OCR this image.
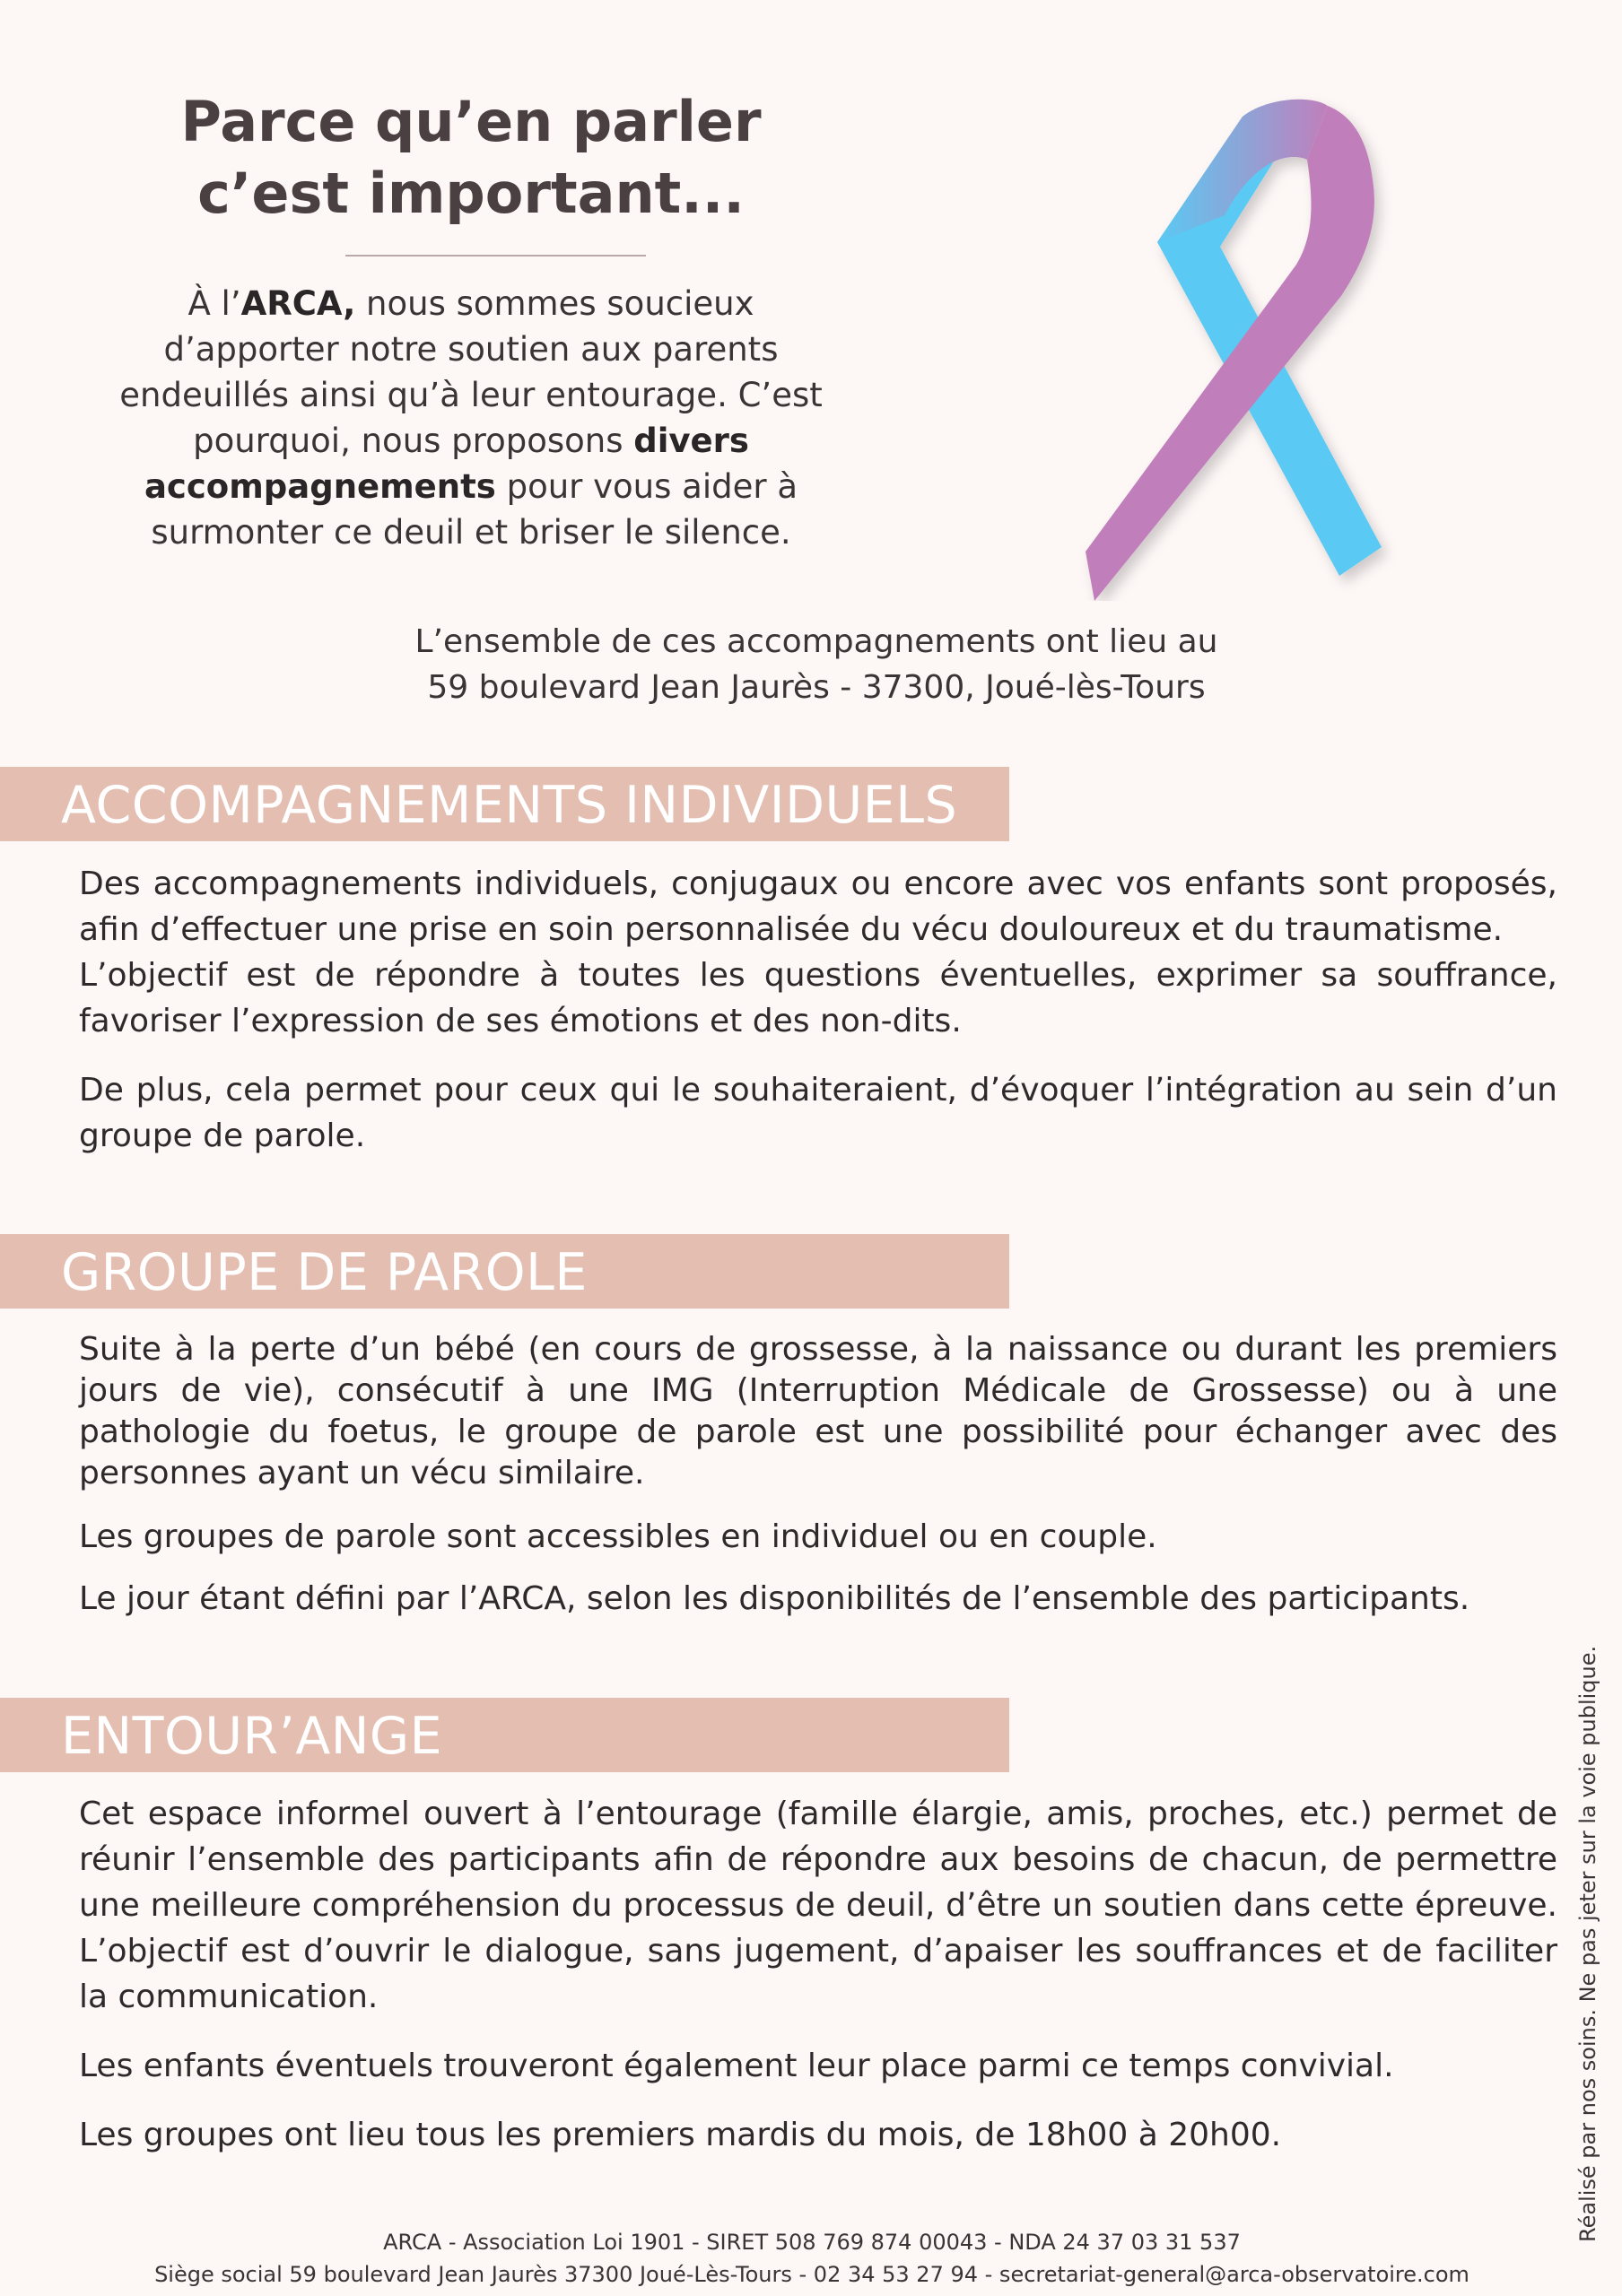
Parce qu’en parler
c’est important...
À l’ARCA, nous sommes soucieux d’apporter notre soutien aux parents endeuillés ainsi qu’à leur entourage. C’est pourquoi, nous proposons divers accompagnements pour vous aider à surmonter ce deuil et briser le silence.
L’ensemble de ces accompagnements ont lieu au
59 boulevard Jean Jaurès - 37300, Joué-lès-Tours
ACCOMPAGNEMENTS INDIVIDUELS

Des accompagnements individuels, conjugaux ou encore avec vos enfants sont proposés, afin d’effectuer une prise en soin personnalisée du vécu douloureux et du traumatisme.

L’objectif est de répondre à toutes les questions éventuelles, exprimer sa souffrance, favoriser l’expression de ses émotions et des non-dits.

De plus, cela permet pour ceux qui le souhaiteraient, d’évoquer l’intégration au sein d’un groupe de parole.

GROUPE DE PAROLE

Suite à la perte d’un bébé (en cours de grossesse, à la naissance ou durant les premiers jours de vie), consécutif à une IMG (Interruption Médicale de Grossesse) ou à une pathologie du foetus, le groupe de parole est une possibilité pour échanger avec des personnes ayant un vécu similaire.

Les groupes de parole sont accessibles en individuel ou en couple.

Le jour étant défini par l’ARCA, selon les disponibilités de l’ensemble des participants.

ENTOUR’ANGE

Cet espace informel ouvert à l’entourage (famille élargie, amis, proches, etc.) permet de réunir l’ensemble des participants afin de répondre aux besoins de chacun, de permettre une meilleure compréhension du processus de deuil, d’être un soutien dans cette épreuve. L’objectif est d’ouvrir le dialogue, sans jugement, d’apaiser les souffrances et de faciliter la communication.

Les enfants éventuels trouveront également leur place parmi ce temps convivial.

Les groupes ont lieu tous les premiers mardis du mois, de 18h00 à 20h00.	Réalisé par nos soins. Ne pas jeter sur la voie publique.
ARCA - Association Loi 1901 - SIRET 508 769 874 00043 - NDA 24 37 03 31 537
Siège social 59 boulevard Jean Jaurès 37300 Joué-Lès-Tours - 02 34 53 27 94 - secretariat-general@arca-observatoire.com
